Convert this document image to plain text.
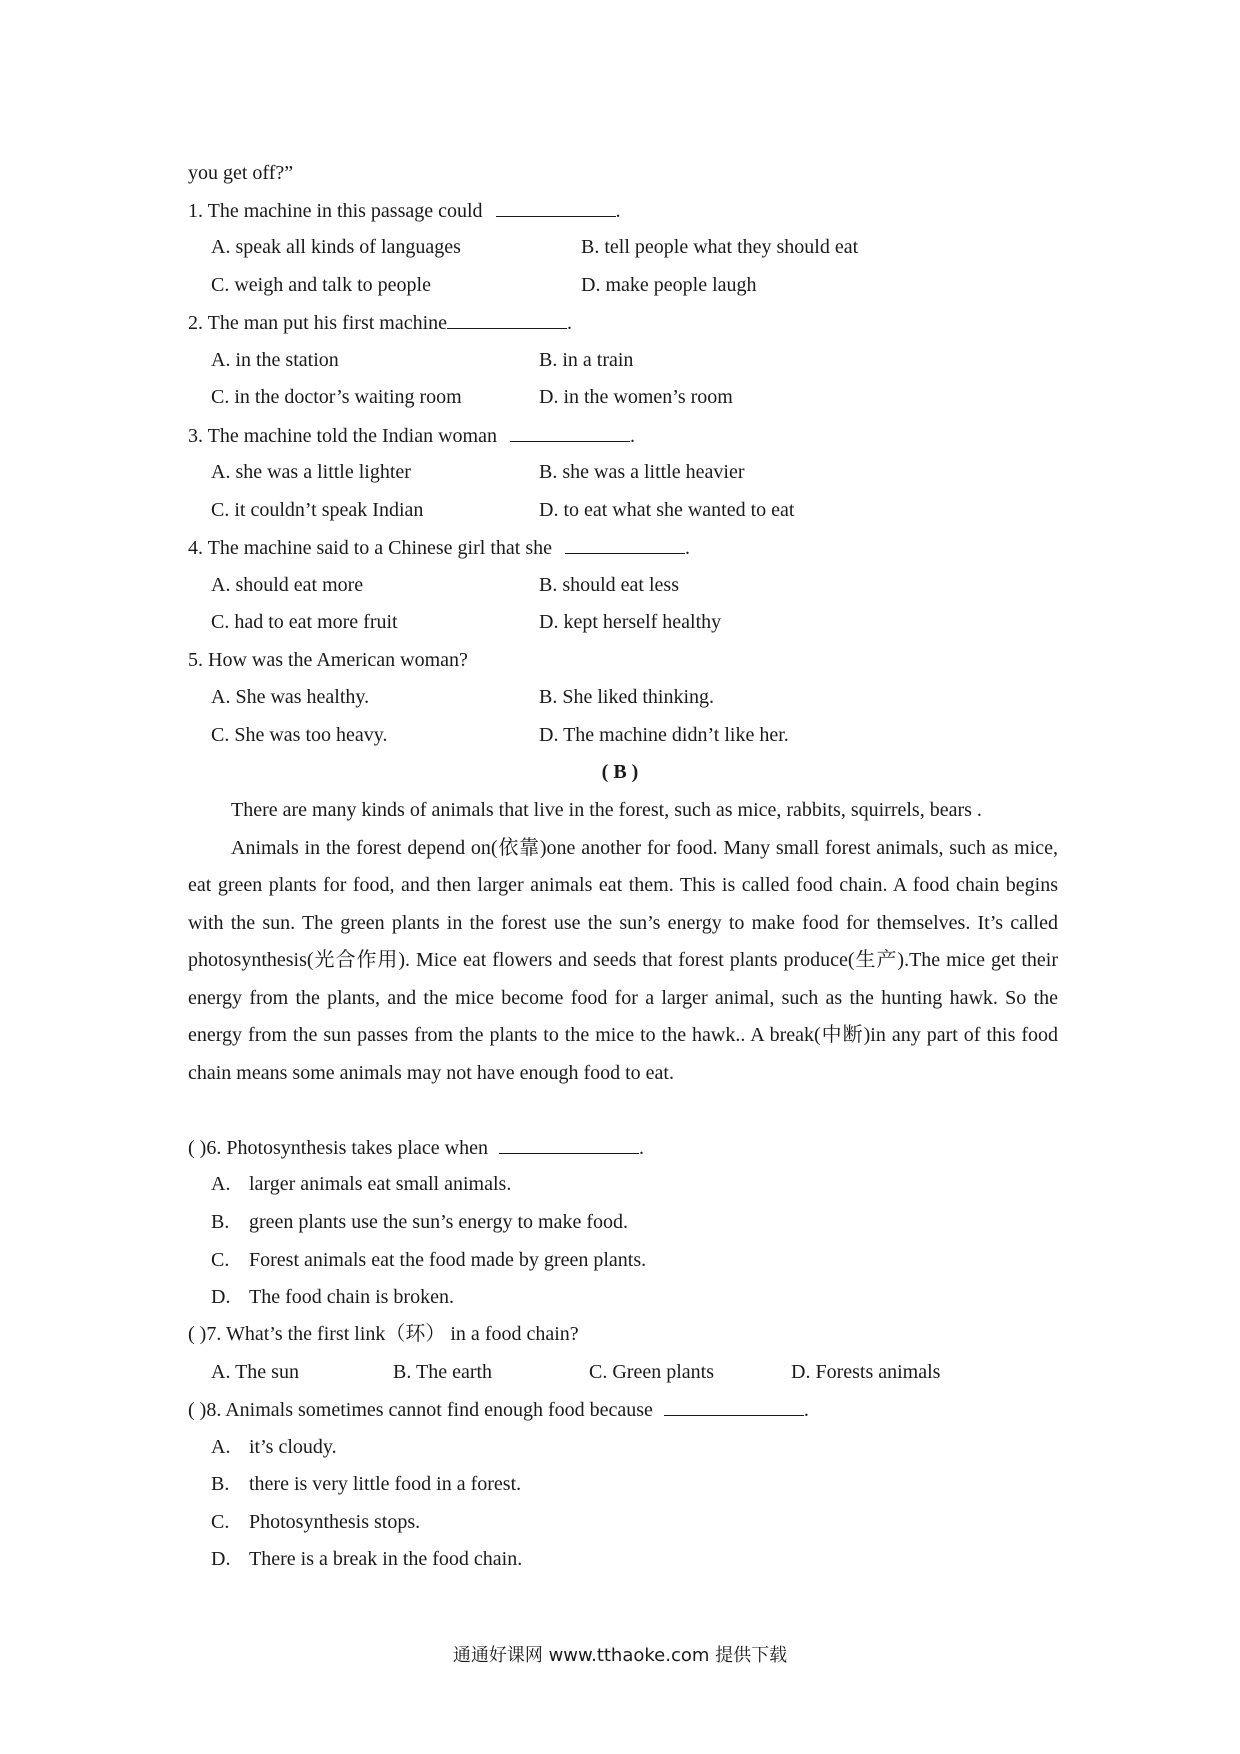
you get off?”
1. The machine in this passage could	.
A. speak all kinds of languages	B. tell people what they should eat
C. weigh and talk to people	D. make people laugh
2. The man put his first machine	.
A. in the station	B. in a train
C. in the doctor’s waiting room	D. in the women’s room
3. The machine told the Indian woman	.
A. she was a little lighter	B. she was a little heavier
C. it couldn’t speak Indian	D. to eat what she wanted to eat
4. The machine said to a Chinese girl that she	.
A. should eat more	B. should eat less
C. had to eat more fruit	D. kept herself healthy
5. How was the American woman?
A. She was healthy.	B. She liked thinking.
C. She was too heavy.	D. The machine didn’t like her.
( B )

There are many kinds of animals that live in the forest, such as mice, rabbits, squirrels, bears .

Animals in the forest depend on(依靠)one another for food. Many small forest animals, such as mice, eat green plants for food, and then larger animals eat them. This is called food chain. A food chain begins with the sun. The green plants in the forest use the sun’s energy to make food for themselves. It’s called photosynthesis(光合作用). Mice eat flowers and seeds that forest plants produce(生产).The mice get their energy from the plants, and the mice become food for a larger animal, such as the hunting hawk. So the energy from the sun passes from the plants to the mice to the hawk.. A break(中断)in any part of this food chain means some animals may not have enough food to eat.

( )6. Photosynthesis takes place when	.
A. larger animals eat small animals.
B. green plants use the sun’s energy to make food.
C. Forest animals eat the food made by green plants.
D. The food chain is broken.
( )7. What’s the first link（环） in a food chain?
A. The sun	B. The earth	C. Green plants	D. Forests animals
( )8. Animals sometimes cannot find enough food because	.
A. it’s cloudy.
B. there is very little food in a forest.
C. Photosynthesis stops.
D. There is a break in the food chain.
通通好课网 www.tthaoke.com 提供下载
